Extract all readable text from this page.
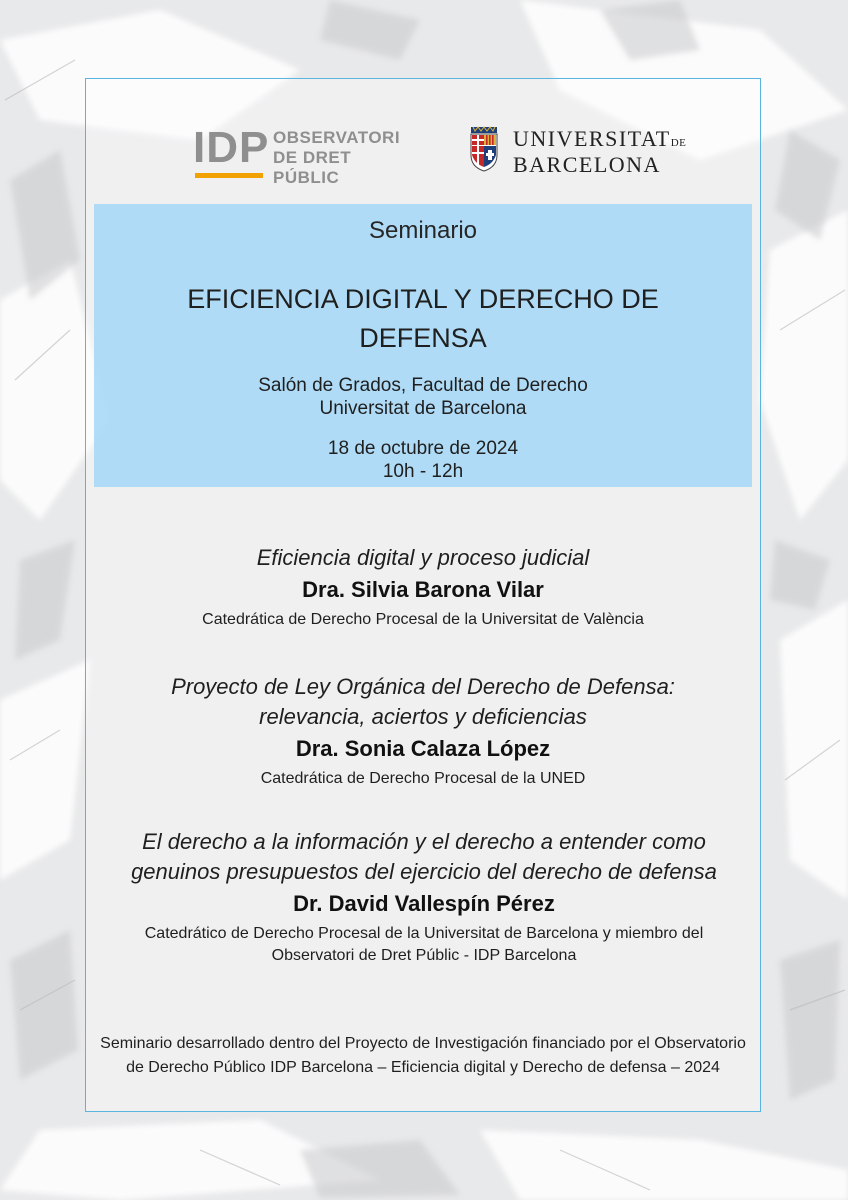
IDP OBSERVATORI
DE DRET PÚBLIC
UNIVERSITATDE
BARCELONA
Seminario
EFICIENCIA DIGITAL Y DERECHO DE DEFENSA
Salón de Grados, Facultad de Derecho
Universitat de Barcelona
18 de octubre de 2024
10h - 12h
Eficiencia digital y proceso judicial
Dra. Silvia Barona Vilar
Catedrática de Derecho Procesal de la Universitat de València
Proyecto de Ley Orgánica del Derecho de Defensa: relevancia, aciertos y deficiencias
Dra. Sonia Calaza López
Catedrática de Derecho Procesal de la UNED
El derecho a la información y el derecho a entender como genuinos presupuestos del ejercicio del derecho de defensa
Dr. David Vallespín Pérez
Catedrático de Derecho Procesal de la Universitat de Barcelona y miembro del Observatori de Dret Públic - IDP Barcelona
Seminario desarrollado dentro del Proyecto de Investigación financiado por el Observatorio de Derecho Público IDP Barcelona – Eficiencia digital y Derecho de defensa – 2024
